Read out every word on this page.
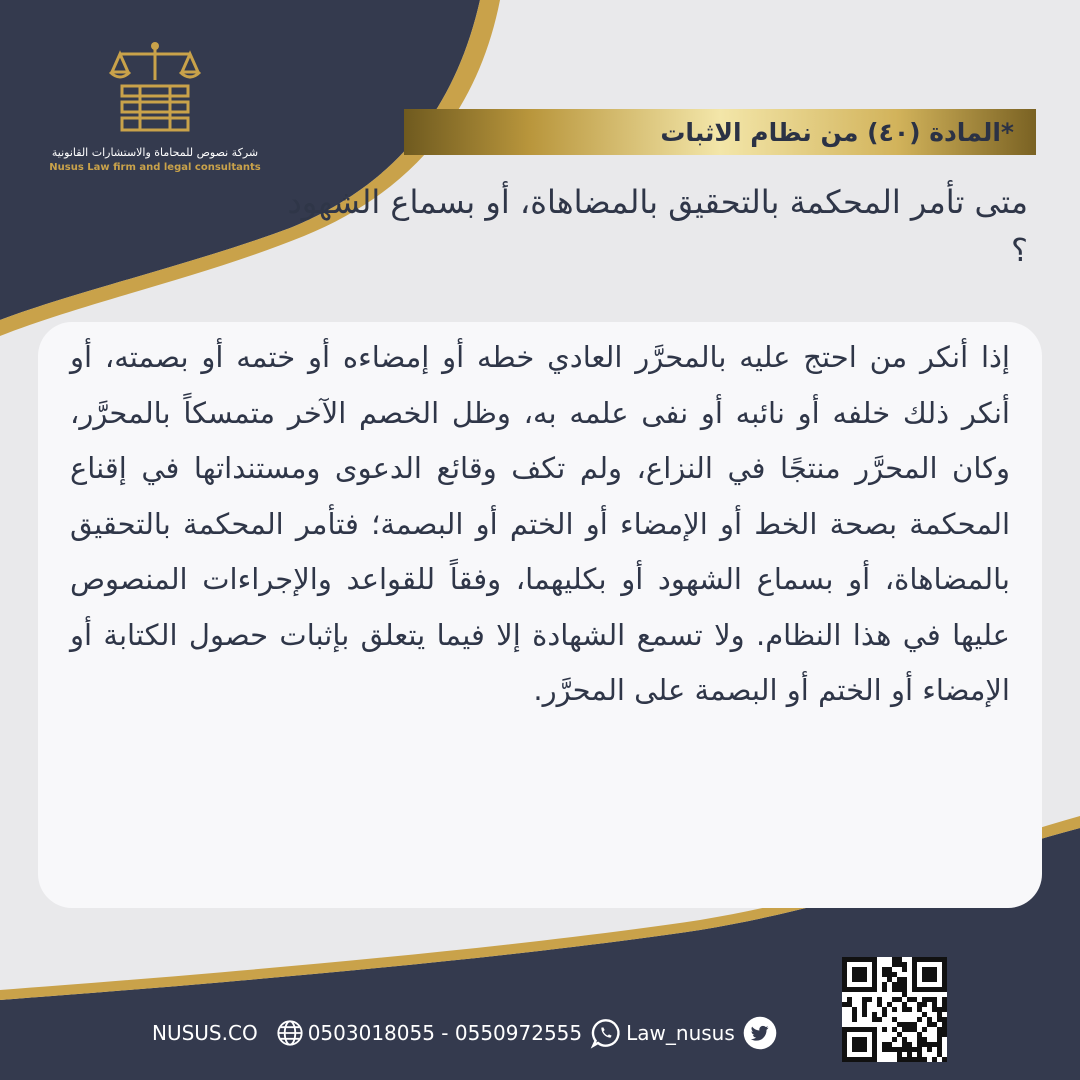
شركة نصوص للمحاماة والاستشارات القانونية
Nusus Law firm and legal consultants
*المادة (٤٠) من نظام الاثبات
متى تأمر المحكمة بالتحقيق بالمضاهاة، أو بسماع الشهود ؟
إذا أنكر من احتج عليه بالمحرَّر العادي خطه أو إمضاءه أو ختمه أو بصمته، أو أنكر ذلك خلفه أو نائبه أو نفى علمه به، وظل الخصم الآخر متمسكاً بالمحرَّر، وكان المحرَّر منتجًا في النزاع، ولم تكف وقائع الدعوى ومستنداتها في إقناع المحكمة بصحة الخط أو الإمضاء أو الختم أو البصمة؛ فتأمر المحكمة بالتحقيق بالمضاهاة، أو بسماع الشهود أو بكليهما، وفقاً للقواعد والإجراءات المنصوص عليها في هذا النظام. ولا تسمع الشهادة إلا فيما يتعلق بإثبات حصول الكتابة أو الإمضاء أو الختم أو البصمة على المحرَّر.
NUSUS.CO	0503018055 - 0550972555 Law_nusus
